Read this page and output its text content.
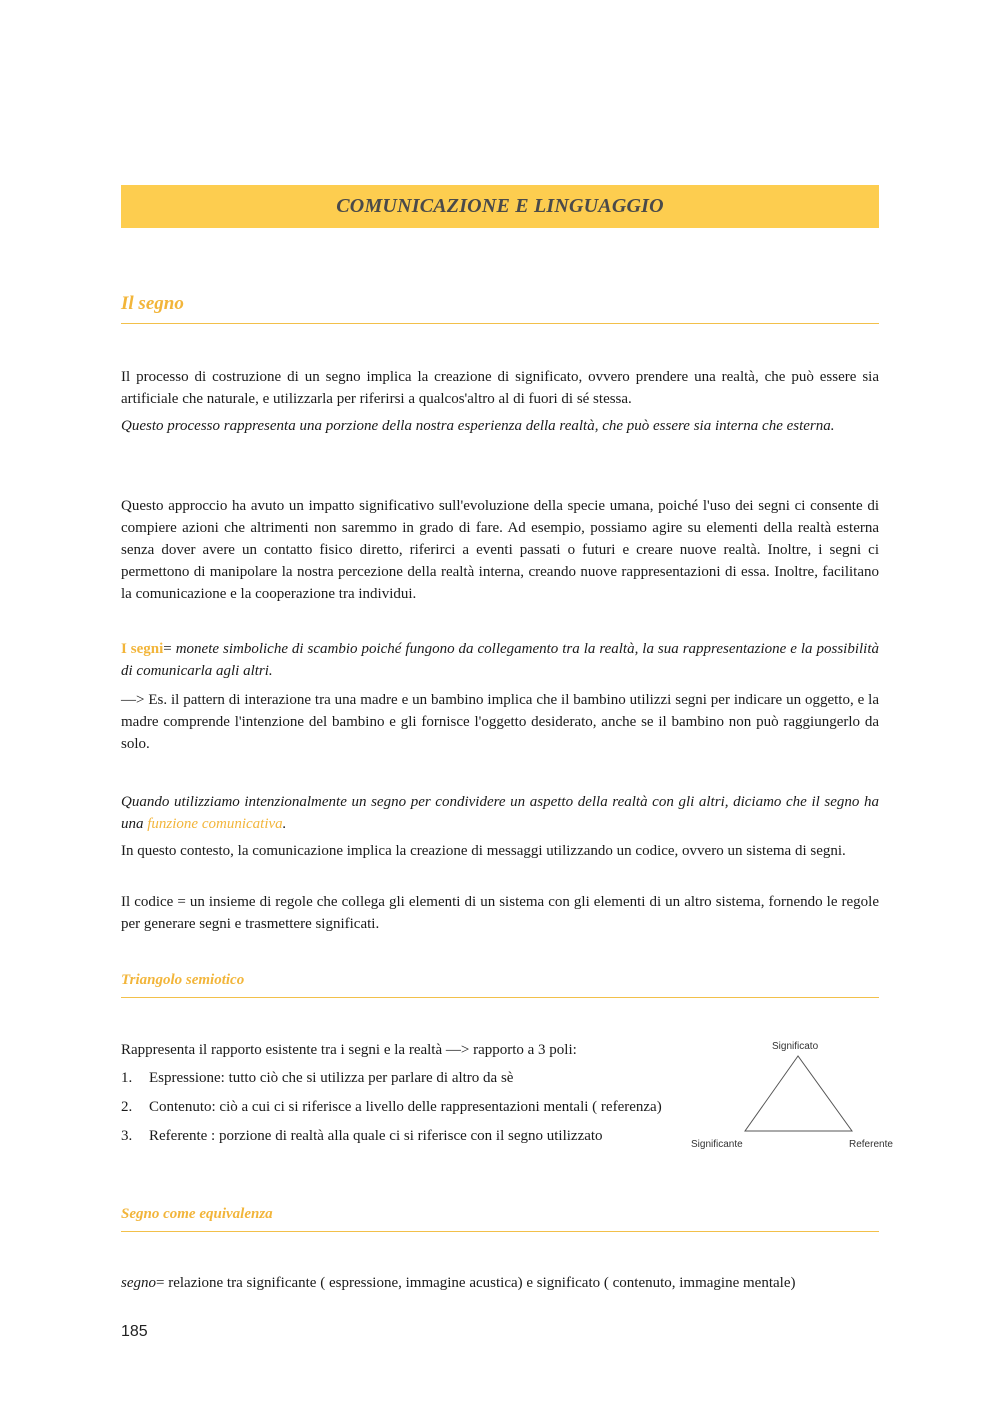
COMUNICAZIONE E LINGUAGGIO
Il segno

Il processo di costruzione di un segno implica la creazione di significato, ovvero prendere una realtà, che può essere sia artificiale che naturale, e utilizzarla per riferirsi a qualcos'altro al di fuori di sé stessa.

Questo processo rappresenta una porzione della nostra esperienza della realtà, che può essere sia interna che esterna.

Questo approccio ha avuto un impatto significativo sull'evoluzione della specie umana, poiché l'uso dei segni ci consente di compiere azioni che altrimenti non saremmo in grado di fare. Ad esempio, possiamo agire su elementi della realtà esterna senza dover avere un contatto fisico diretto, riferirci a eventi passati o futuri e creare nuove realtà. Inoltre, i segni ci permettono di manipolare la nostra percezione della realtà interna, creando nuove rappresentazioni di essa. Inoltre, facilitano la comunicazione e la cooperazione tra individui.

I segni= monete simboliche di scambio poiché fungono da collegamento tra la realtà, la sua rappresentazione e la possibilità di comunicarla agli altri.

—> Es. il pattern di interazione tra una madre e un bambino implica che il bambino utilizzi segni per indicare un oggetto, e la madre comprende l'intenzione del bambino e gli fornisce l'oggetto desiderato, anche se il bambino non può raggiungerlo da solo.

Quando utilizziamo intenzionalmente un segno per condividere un aspetto della realtà con gli altri, diciamo che il segno ha una funzione comunicativa.

In questo contesto, la comunicazione implica la creazione di messaggi utilizzando un codice, ovvero un sistema di segni.

Il codice = un insieme di regole che collega gli elementi di un sistema con gli elementi di un altro sistema, fornendo le regole per generare segni e trasmettere significati.

Triangolo semiotico

Rappresenta il rapporto esistente tra i segni e la realtà —> rapporto a 3 poli:

1. Espressione: tutto ciò che si utilizza per parlare di altro da sè
2. Contenuto: ciò a cui ci si riferisce a livello delle rappresentazioni mentali ( referenza)
3. Referente : porzione di realtà alla quale ci si riferisce con il segno utilizzato
Significato
Significante	Referente
Segno come equivalenza

segno= relazione tra significante ( espressione, immagine acustica) e significato ( contenuto, immagine mentale)

185
